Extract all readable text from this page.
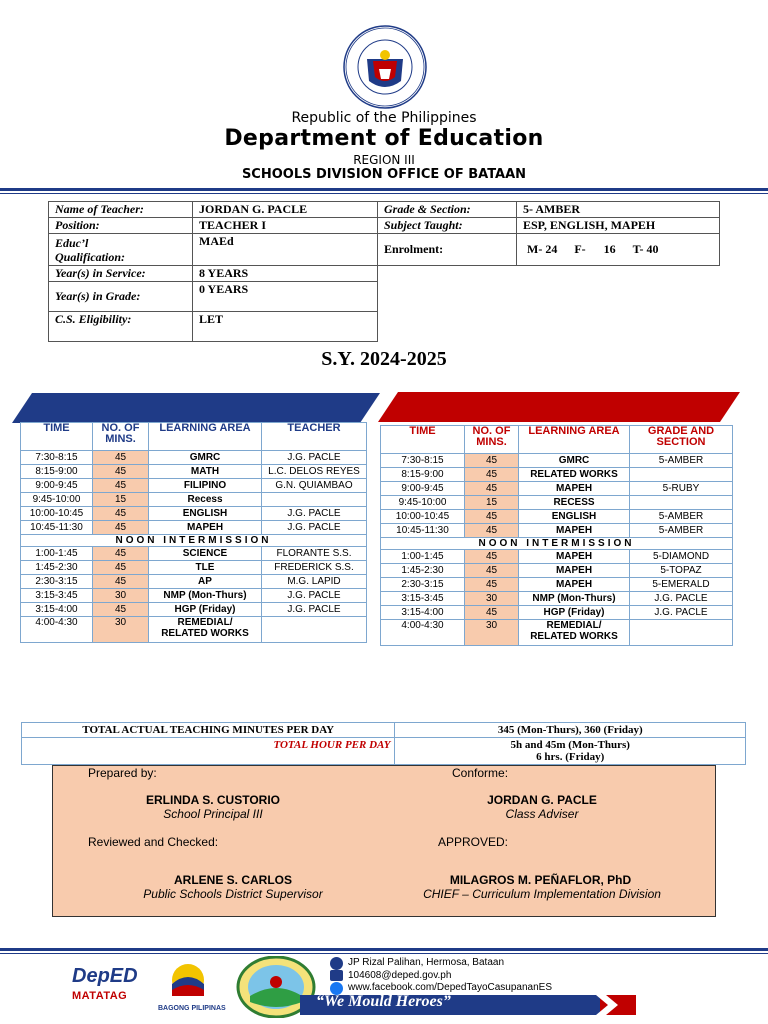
Republic of the Philippines
Department of Education
REGION III
SCHOOLS DIVISION OFFICE OF BATAAN
Name of Teacher:	JORDAN G. PACLE	Grade & Section:	5- AMBER
Position:	TEACHER I	Subject Taught:	ESP, ENGLISH, MAPEH
Educ’l
Qualification:	MAEd	Enrolment:	M- 24 F-      16 T- 40
Year(s) in Service:	8 YEARS		
Year(s) in Grade:	0 YEARS		
C.S. Eligibility:	LET		
S.Y. 2024-2025
TIME	NO. OF MINS.	LEARNING AREA	TEACHER
7:30-8:15	45	GMRC	J.G. PACLE
8:15-9:00	45	MATH	L.C. DELOS REYES
9:00-9:45	45	FILIPINO	G.N. QUIAMBAO
9:45-10:00	15	Recess	
10:00-10:45	45	ENGLISH	J.G. PACLE
10:45-11:30	45	MAPEH	J.G. PACLE
NOON INTERMISSION			
1:00-1:45	45	SCIENCE	FLORANTE S.S.
1:45-2:30	45	TLE	FREDERICK S.S.
2:30-3:15	45	AP	M.G. LAPID
3:15-3:45	30	NMP (Mon-Thurs)	J.G. PACLE
3:15-4:00	45	HGP (Friday)	J.G. PACLE
4:00-4:30	30	REMEDIAL/
RELATED WORKS	

TIME	NO. OF MINS.	LEARNING AREA	GRADE AND SECTION
7:30-8:15	45	GMRC	5-AMBER
8:15-9:00	45	RELATED WORKS	
9:00-9:45	45	MAPEH	5-RUBY
9:45-10:00	15	RECESS	
10:00-10:45	45	ENGLISH	5-AMBER
10:45-11:30	45	MAPEH	5-AMBER
NOON INTERMISSION			
1:00-1:45	45	MAPEH	5-DIAMOND
1:45-2:30	45	MAPEH	5-TOPAZ
2:30-3:15	45	MAPEH	5-EMERALD
3:15-3:45	30	NMP (Mon-Thurs)	J.G. PACLE
3:15-4:00	45	HGP (Friday)	J.G. PACLE
4:00-4:30	30	REMEDIAL/
RELATED WORKS	

TOTAL ACTUAL TEACHING MINUTES PER DAY	345 (Mon-Thurs), 360 (Friday)
TOTAL HOUR PER DAY	5h and 45m (Mon-Thurs)
6 hrs. (Friday)
Prepared by:
ERLINDA S. CUSTORIO
School Principal III
Conforme:
JORDAN G. PACLE
Class Adviser
Reviewed and Checked:
ARLENE S. CARLOS
Public Schools District Supervisor
APPROVED:
MILAGROS M. PEÑAFLOR, PhD
CHIEF – Curriculum Implementation Division
DepED
MATATAG
BAGONG PILIPINAS
JP Rizal Palihan, Hermosa, Bataan
104608@deped.gov.ph
www.facebook.com/DepedTayoCasupananES
“We Mould Heroes”
